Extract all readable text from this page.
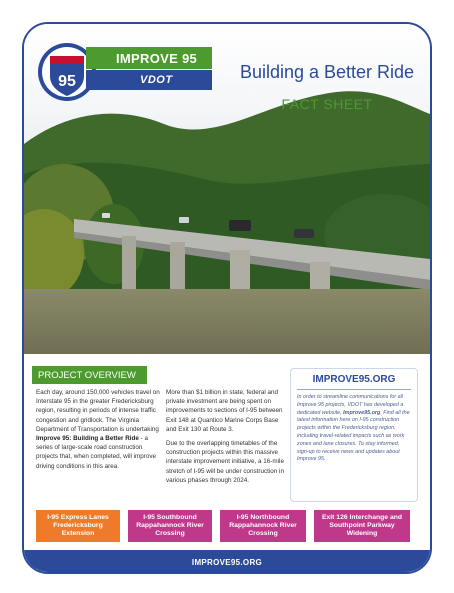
95
IMPROVE 95
VDOT	Building a Better Ride
FACT SHEET
PROJECT OVERVIEW
Each day, around 150,000 vehicles travel on Interstate 95 in the greater Fredericksburg region, resulting in periods of intense traffic congestion and gridlock. The Virginia Department of Transportation is undertaking Improve 95: Building a Better Ride - a series of large-scale road construction projects that, when completed, will improve driving conditions in this area.

More than $1 billion in state, federal and private investment are being spent on improvements to sections of I-95 between Exit 148 at Quantico Marine Corps Base and Exit 130 at Route 3.

Due to the overlapping timetables of the construction projects within this massive interstate improvement initiative, a 16-mile stretch of I-95 will be under construction in various phases through 2024.

IMPROVE95.ORG
In order to streamline communications for all Improve 95 projects, VDOT has developed a dedicated website, Improve95.org. Find all the latest information here on I-95 construction projects within the Fredericksburg region, including travel-related impacts such as work zones and lane closures. To stay informed, sign-up to receive news and updates about Improve 95.
I-95 Express Lanes Fredericksburg Extension
I-95 Southbound Rappahannock River Crossing
I-95 Northbound Rappahannock River Crossing
Exit 126 Interchange and Southpoint Parkway Widening
IMPROVE95.ORG
